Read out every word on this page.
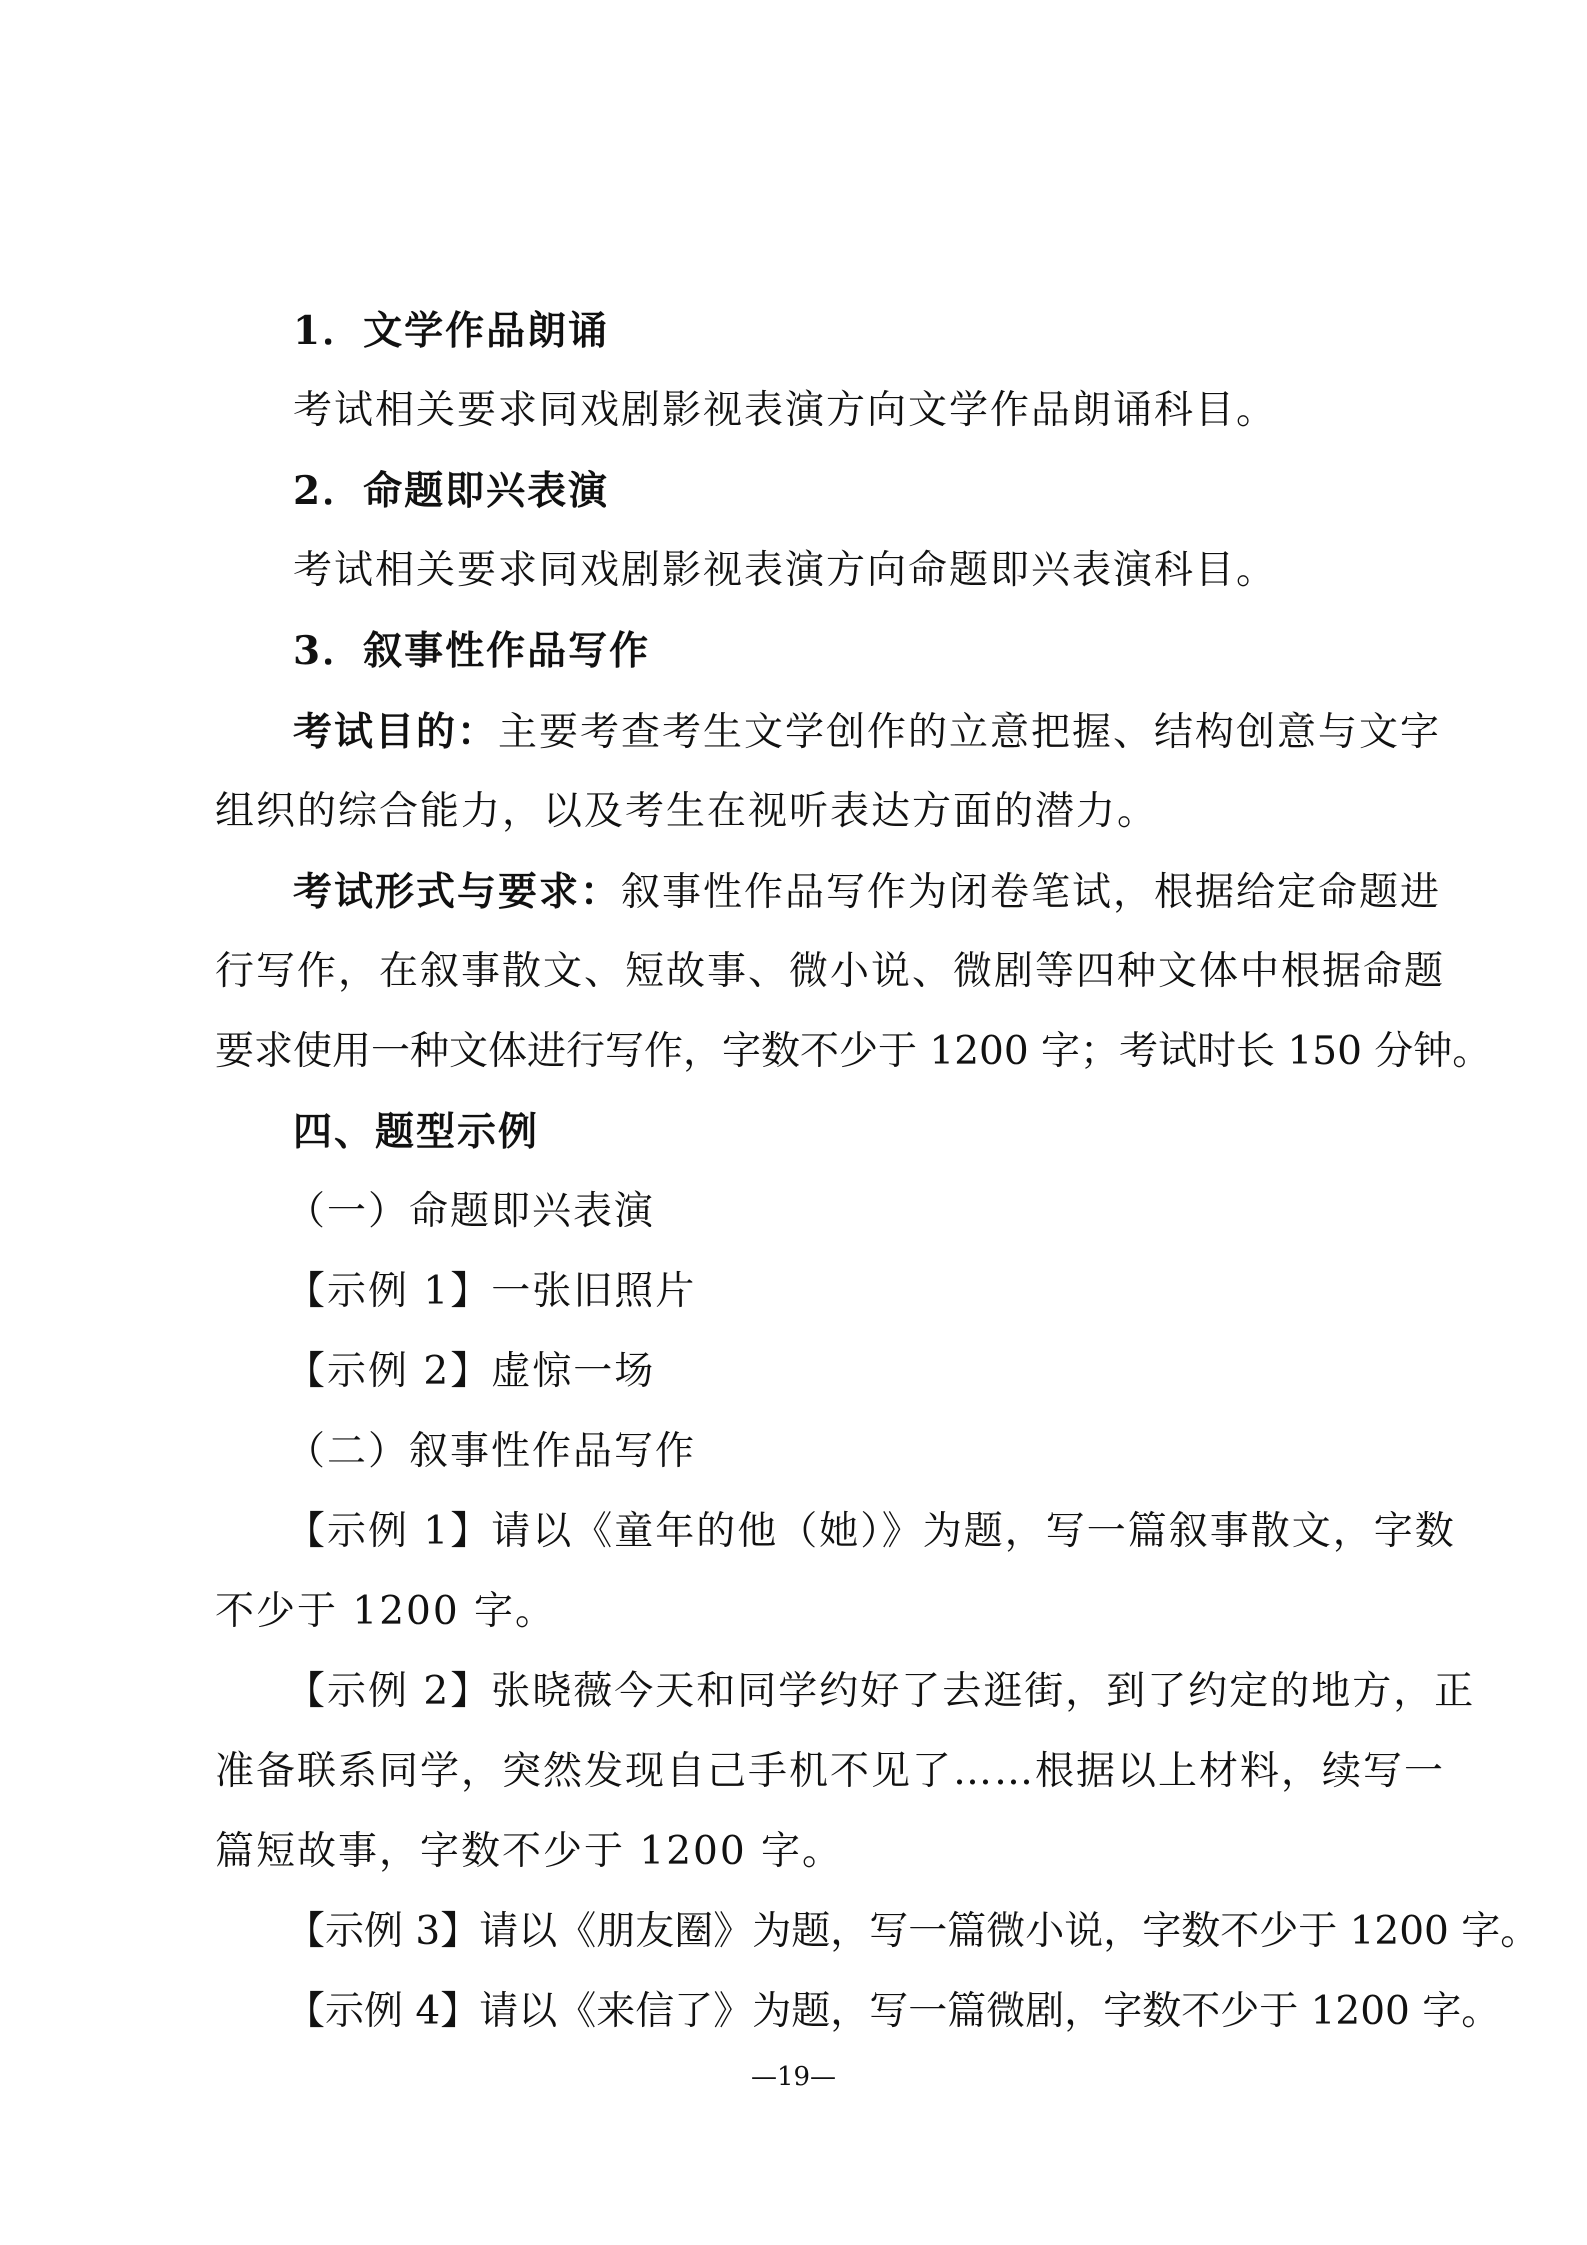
1．文学作品朗诵
考试相关要求同戏剧影视表演方向文学作品朗诵科目。
2．命题即兴表演
考试相关要求同戏剧影视表演方向命题即兴表演科目。
3．叙事性作品写作
考试目的：主要考查考生文学创作的立意把握、结构创意与文字
组织的综合能力，以及考生在视听表达方面的潜力。
考试形式与要求：叙事性作品写作为闭卷笔试，根据给定命题进
行写作，在叙事散文、短故事、微小说、微剧等四种文体中根据命题
要求使用一种文体进行写作，字数不少于 1200 字；考试时长 150 分钟。
四、题型示例
（一）命题即兴表演
【示例 1】一张旧照片
【示例 2】虚惊一场
（二）叙事性作品写作
【示例 1】请以《童年的他（她）》为题，写一篇叙事散文，字数
不少于 1200 字。
【示例 2】张晓薇今天和同学约好了去逛街，到了约定的地方，正
准备联系同学，突然发现自己手机不见了……根据以上材料，续写一
篇短故事，字数不少于 1200 字。
【示例 3】请以《朋友圈》为题，写一篇微小说，字数不少于 1200 字。
【示例 4】请以《来信了》为题，写一篇微剧，字数不少于 1200 字。
—19—
